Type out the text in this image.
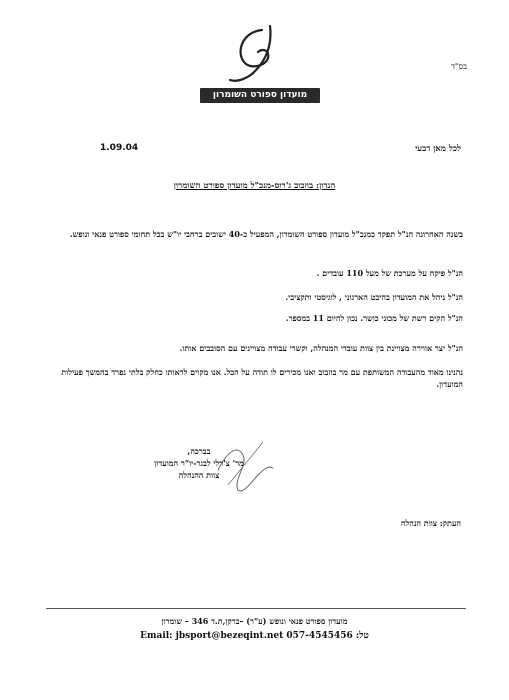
מועדון ספורט השומרון
בס"ד
לכל מאן דבעי
1.09.04
הנדון: בוזבוב ג'רוס-מנכ"ל מועדון ספורט השומרון
בשנה האחרונה הנ"ל תפקד כמנכ"ל מועדון ספורט השומרון, המפעיל כ-40 ישובים ברחבי יו"ש בכל תחומי ספורט פנאי ונופש.
הנ"ל פיקח על מערכת של מעל 110 עובדים .
הנ"ל ניהל את המועדון בהיבט הארגוני , לוגיסטי ותקציבי.
הנ"ל הקים רשת של מכוני כושר. נכון להיום 11 במספר.
הנ"ל יצר אווירה מצויינת בין צוות עובדי המנהלה, וקשרי עבודה מצויינים עם הסובבים אותו.
נהנינו מאוד מהעבודה המשותפת עם מר בוזבוב ואנו מכירים לו תודה על הכל. אנו מקוים לראותו כחלק בלתי נפרד בהמשך פעילות המועדון.
בברכה,
מר' צ'רלי לבגר-יו"ר המועדון
צוות ההנהלה
העתק: צוות הנהלה
מועדון ספורט פנאי ונופש (ע"ר) –ברקן,ת.ד 346 – שומרון
Email: jbsport@bezeqint.net 057-4545456 :טל
